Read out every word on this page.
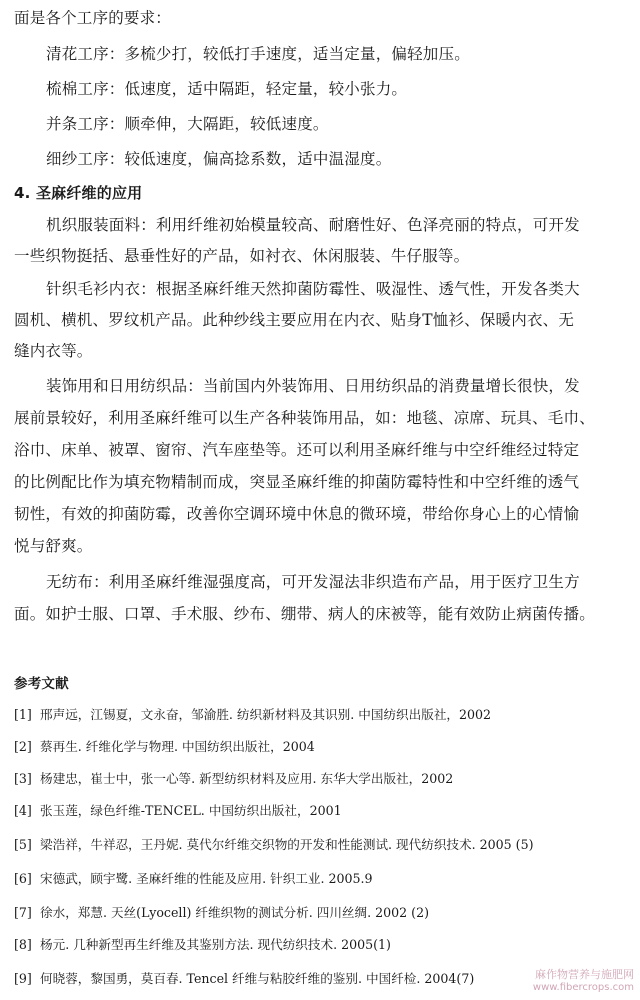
面是各个工序的要求：
清花工序：多梳少打，较低打手速度，适当定量，偏轻加压。
梳棉工序：低速度，适中隔距，轻定量，较小张力。
并条工序：顺牵伸，大隔距，较低速度。
细纱工序：较低速度，偏高捻系数，适中温湿度。
4. 圣麻纤维的应用
机织服装面料：利用纤维初始模量较高、耐磨性好、色泽亮丽的特点，可开发
一些织物挺括、悬垂性好的产品，如衬衣、休闲服装、牛仔服等。
针织毛衫内衣：根据圣麻纤维天然抑菌防霉性、吸湿性、透气性，开发各类大
圆机、横机、罗纹机产品。此种纱线主要应用在内衣、贴身T恤衫、保暖内衣、无
缝内衣等。
装饰用和日用纺织品：当前国内外装饰用、日用纺织品的消费量增长很快，发
展前景较好，利用圣麻纤维可以生产各种装饰用品，如：地毯、凉席、玩具、毛巾、
浴巾、床单、被罩、窗帘、汽车座垫等。还可以利用圣麻纤维与中空纤维经过特定
的比例配比作为填充物精制而成，突显圣麻纤维的抑菌防霉特性和中空纤维的透气
韧性，有效的抑菌防霉，改善你空调环境中休息的微环境，带给你身心上的心情愉
悦与舒爽。
无纺布：利用圣麻纤维湿强度高，可开发湿法非织造布产品，用于医疗卫生方
面。如护士服、口罩、手术服、纱布、绷带、病人的床被等，能有效防止病菌传播。
参考文献
[1] 邢声远，江锡夏，文永奋，邹渝胜. 纺织新材料及其识别. 中国纺织出版社，2002
[2] 蔡再生. 纤维化学与物理. 中国纺织出版社，2004
[3] 杨建忠，崔士中，张一心等. 新型纺织材料及应用. 东华大学出版社，2002
[4] 张玉莲，绿色纤维-TENCEL. 中国纺织出版社，2001
[5] 梁浩祥，牛祥忍，王丹妮. 莫代尔纤维交织物的开发和性能测试. 现代纺织技术. 2005 (5)
[6] 宋德武，顾宇鹭. 圣麻纤维的性能及应用. 针织工业. 2005.9
[7] 徐水，郑慧. 天丝(Lyocell) 纤维织物的测试分析. 四川丝绸. 2002 (2)
[8] 杨元. 几种新型再生纤维及其鉴别方法. 现代纺织技术. 2005(1)
[9] 何晓蓉，黎国勇，莫百春. Tencel 纤维与粘胶纤维的鉴别. 中国纤检. 2004(7)	麻作物营养与施肥网
www.fibercrops.com
